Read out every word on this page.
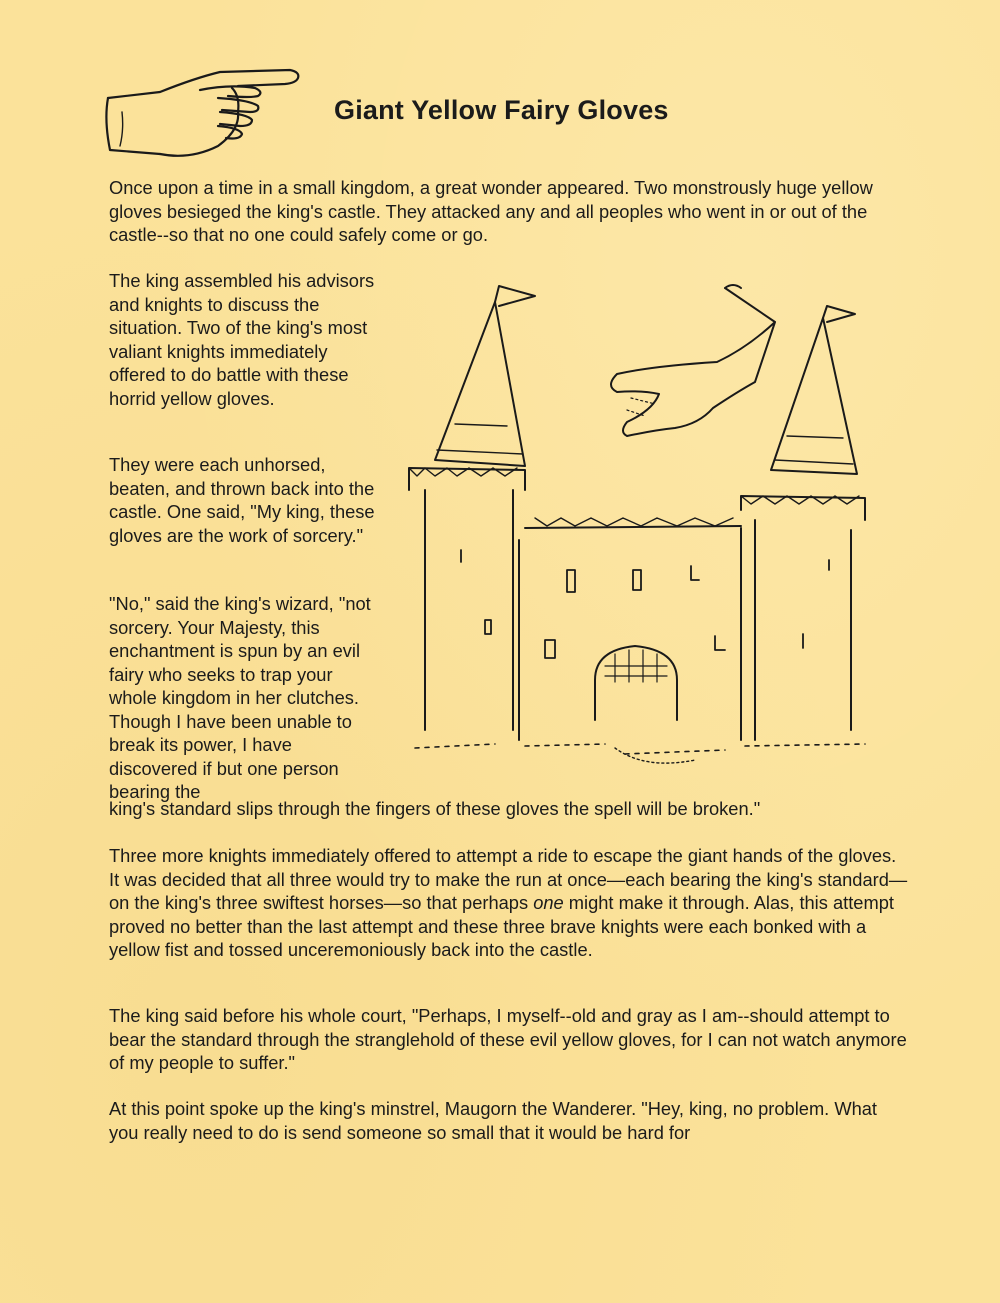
Giant Yellow Fairy Gloves

Once upon a time in a small kingdom, a great wonder appeared. Two monstrously huge yellow gloves besieged the king's castle. They attacked any and all peoples who went in or out of the castle--so that no one could safely come or go.

The king assembled his advisors and knights to discuss the situation. Two of the king's most valiant knights immediately offered to do battle with these horrid yellow gloves.

They were each unhorsed, beaten, and thrown back into the castle. One said, "My king, these gloves are the work of sorcery."

"No," said the king's wizard, "not sorcery. Your Majesty, this enchantment is spun by an evil fairy who seeks to trap your whole kingdom in her clutches. Though I have been unable to break its power, I have discovered if but one person bearing the

king's standard slips through the fingers of these gloves the spell will be broken."

Three more knights immediately offered to attempt a ride to escape the giant hands of the gloves. It was decided that all three would try to make the run at once—each bearing the king's standard—on the king's three swiftest horses—so that perhaps one might make it through. Alas, this attempt proved no better than the last attempt and these three brave knights were each bonked with a yellow fist and tossed unceremoniously back into the castle.

The king said before his whole court, "Perhaps, I myself--old and gray as I am--should attempt to bear the standard through the stranglehold of these evil yellow gloves, for I can not watch anymore of my people to suffer."

At this point spoke up the king's minstrel, Maugorn the Wanderer. "Hey, king, no problem. What you really need to do is send someone so small that it would be hard for
